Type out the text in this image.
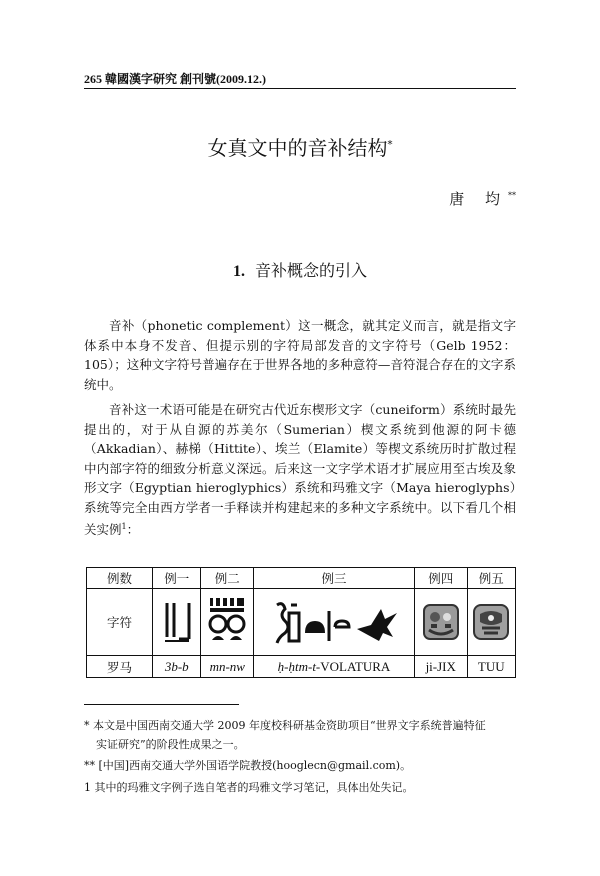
265 韓國漢字研究 創刊號(2009.12.)
女真文中的音补结构*
唐 均**
1. 音补概念的引入

音补（phonetic complement）这一概念，就其定义而言，就是指文字体系中本身不发音、但提示别的字符局部发音的文字符号（Gelb 1952：105）；这种文字符号普遍存在于世界各地的多种意符—音符混合存在的文字系统中。

音补这一术语可能是在研究古代近东楔形文字（cuneiform）系统时最先提出的，对于从自源的苏美尔（Sumerian）楔文系统到他源的阿卡德（Akkadian）、赫梯（Hittite）、埃兰（Elamite）等楔文系统历时扩散过程中内部字符的细致分析意义深远。后来这一文字学术语才扩展应用至古埃及象形文字（Egyptian hieroglyphics）系统和玛雅文字（Maya hieroglyphs）系统等完全由西方学者一手释读并构建起来的多种文字系统中。以下看几个相关实例$^1$：

例数	例一	例二	例三	例四	例五
字符	

罗马	3b-b	mn-nw	ḥ-ḥtm-t-VOLATURA	ji-JIX	TUU
* 本文是中国西南交通大学 2009 年度校科研基金资助项目“世界文字系统普遍特征
实证研究”的阶段性成果之一。
** [中国]西南交通大学外国语学院教授(hooglecn@gmail.com)。
1 其中的玛雅文字例子选自笔者的玛雅文学习笔记，具体出处失记。
